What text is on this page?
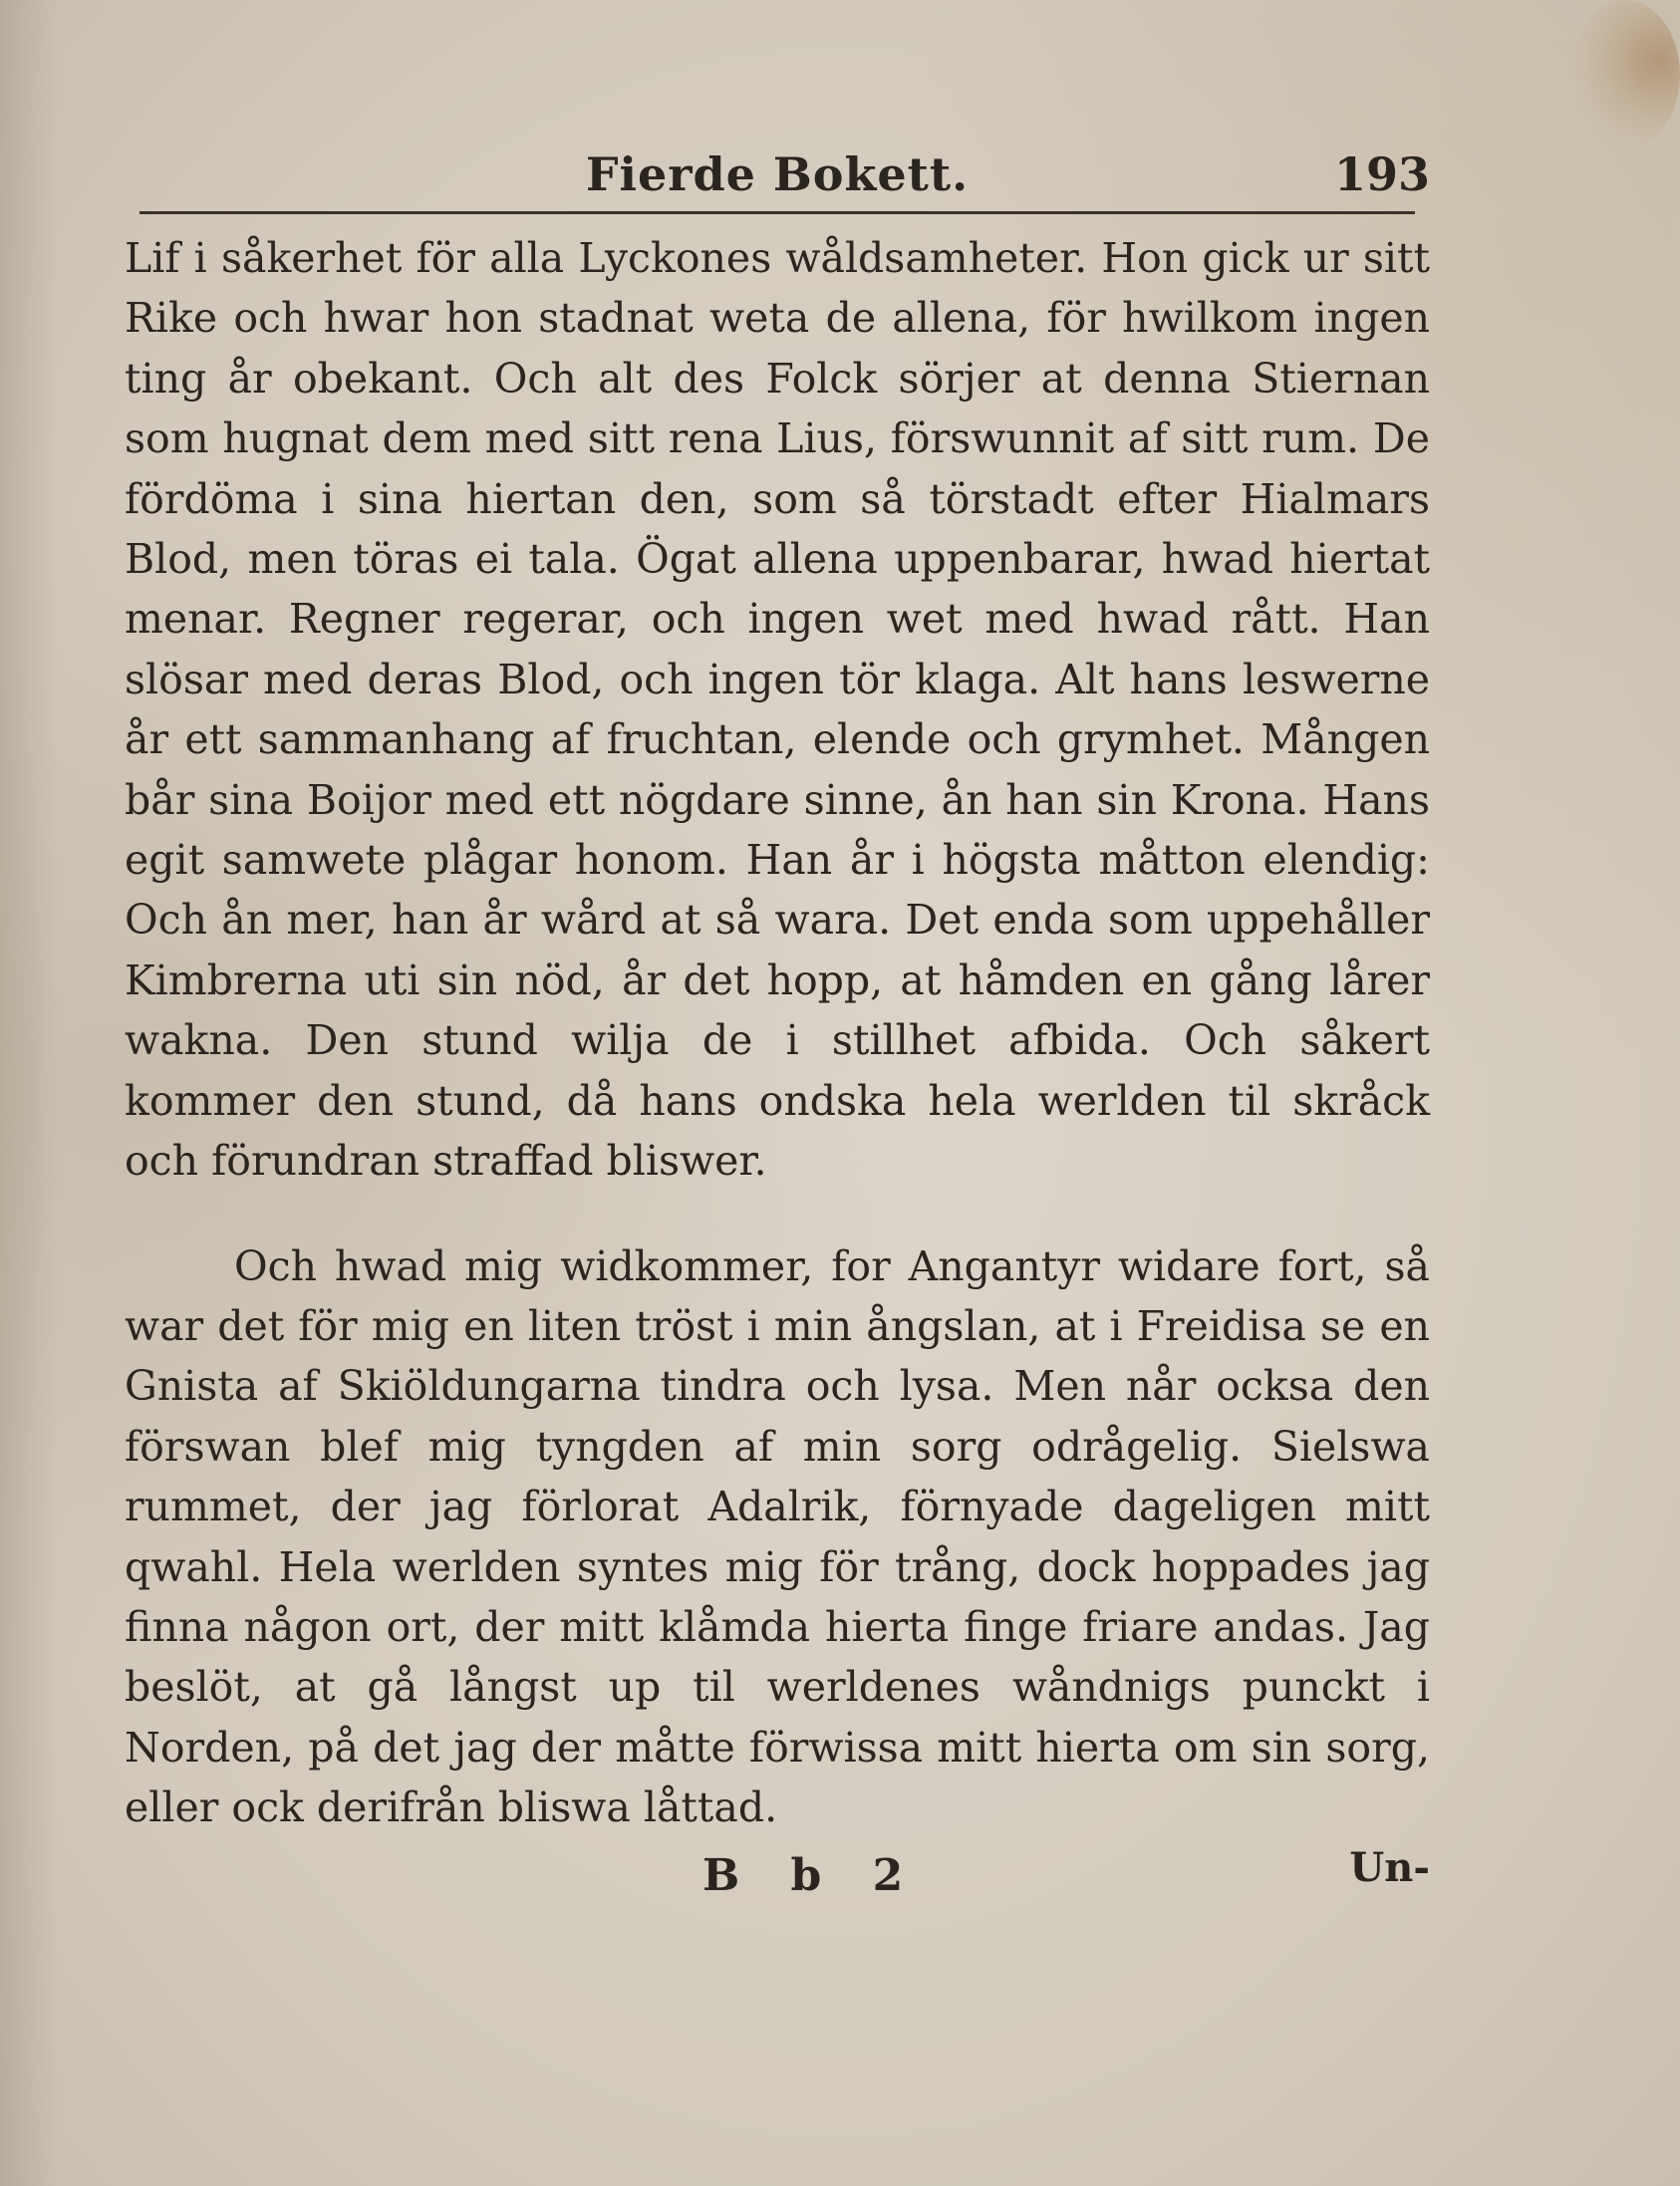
Fierde Bokett.	193

Lif i såkerhet för alla Lyckones wåldsamheter. Hon gick ur sitt Rike och hwar hon stadnat weta de allena, för hwilkom ingen ting år obekant. Och alt des Folck sörjer at denna Stiernan som hugnat dem med sitt rena Lius, förswunnit af sitt rum. De fördöma i sina hiertan den, som så törstadt efter Hialmars Blod, men töras ei tala. Ögat allena uppenbarar, hwad hiertat menar. Regner regerar, och ingen wet med hwad rått. Han slösar med deras Blod, och ingen tör klaga. Alt hans leswerne år ett sammanhang af fruchtan, elende och grymhet. Mången bår sina Boijor med ett nögdare sinne, ån han sin Krona. Hans egit samwete plågar honom. Han år i högsta måtton elendig: Och ån mer, han år wård at så wara. Det enda som uppehåller Kimbrerna uti sin nöd, år det hopp, at håmden en gång lårer wakna. Den stund wilja de i stillhet afbida. Och såkert kommer den stund, då hans ondska hela werlden til skråck och förundran straffad bliswer.

Och hwad mig widkommer, for Angantyr widare fort, så war det för mig en liten tröst i min ångslan, at i Freidisa se en Gnista af Skiöldungarna tindra och lysa. Men når ocksa den förswan blef mig tyngden af min sorg odrågelig. Sielswa rummet, der jag förlorat Adalrik, förnyade dageligen mitt qwahl. Hela werlden syntes mig för trång, dock hoppades jag finna någon ort, der mitt klåmda hierta finge friare andas. Jag beslöt, at gå långst up til werldenes wåndnigs punckt i Norden, på det jag der måtte förwissa mitt hierta om sin sorg, eller ock derifrån bliswa låttad.

B b 2	Un-
